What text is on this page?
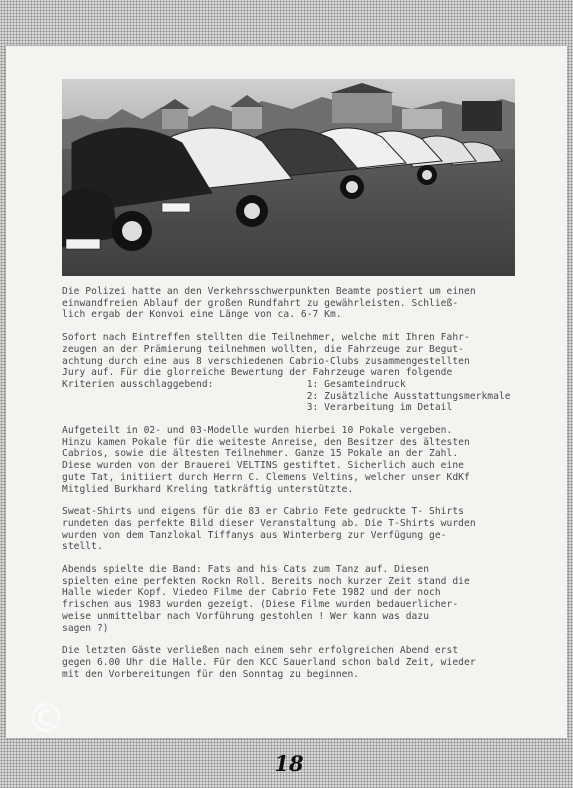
Die Polizei hatte an den Verkehrsschwerpunkten Beamte postiert um einen
einwandfreien Ablauf der großen Rundfahrt zu gewährleisten. Schließ-
lich ergab der Konvoi eine Länge von ca. 6-7 Km.

Sofort nach Eintreffen stellten die Teilnehmer, welche mit Ihren Fahr-
zeugen an der Prämierung teilnehmen wollten, die Fahrzeuge zur Begut-
achtung durch eine aus 8 verschiedenen Cabrio-Clubs zusammengestellten
Jury auf. Für die glorreiche Bewertung der Fahrzeuge waren folgende
Kriterien ausschlaggebend:                1: Gesamteindruck
2: Zusätzliche Ausstattungsmerkmale
3: Verarbeitung im Detail

Aufgeteilt in 02- und 03-Modelle wurden hierbei 10 Pokale vergeben.
Hinzu kamen Pokale für die weiteste Anreise, den Besitzer des ältesten
Cabrios, sowie die ältesten Teilnehmer. Ganze 15 Pokale an der Zahl.
Diese wurden von der Brauerei VELTINS gestiftet. Sicherlich auch eine
gute Tat, initiiert durch Herrn C. Clemens Veltins, welcher unser KdKf
Mitglied Burkhard Kreling tatkräftig unterstützte.

Sweat-Shirts und eigens für die 83 er Cabrio Fete gedruckte T- Shirts
rundeten das perfekte Bild dieser Veranstaltung ab. Die T-Shirts wurden
wurden von dem Tanzlokal Tiffanys aus Winterberg zur Verfügung ge-
stellt.

Abends spielte die Band: Fats and his Cats zum Tanz auf. Diesen
spielten eine perfekten Rockn Roll. Bereits noch kurzer Zeit stand die
Halle wieder Kopf. Viedeo Filme der Cabrio Fete 1982 und der noch
frischen aus 1983 wurden gezeigt. (Diese Filme wurden bedauerlicher-
weise unmittelbar nach Vorführung gestohlen ! Wer kann was dazu
sagen ?)

Die letzten Gäste verließen nach einem sehr erfolgreichen Abend erst
gegen 6.00 Uhr die Halle. Für den KCC Sauerland schon bald Zeit, wieder
mit den Vorbereitungen für den Sonntag zu beginnen.

©
18
